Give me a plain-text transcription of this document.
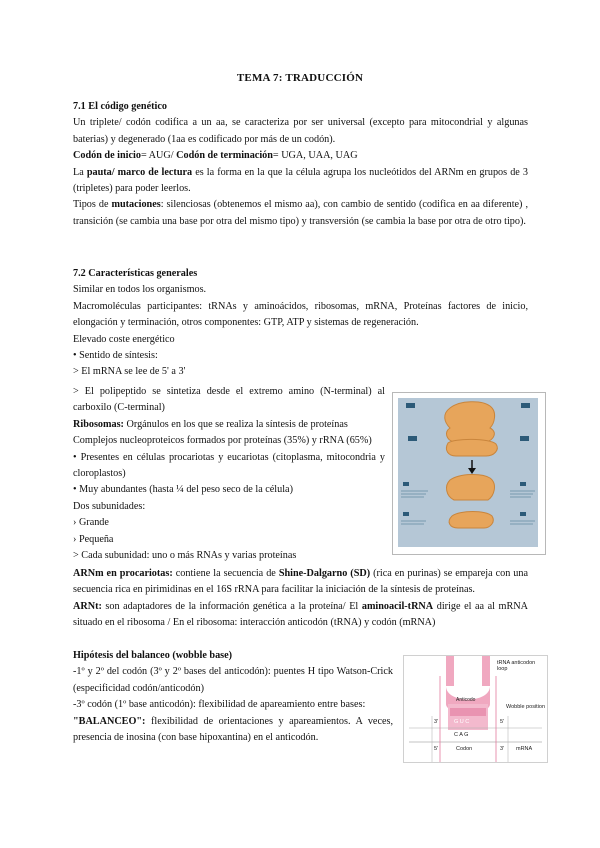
TEMA 7: TRADUCCIÓN

7.1 El código genético

Un triplete/ codón codifica a un aa, se caracteriza por ser universal (excepto para mitocondrial y algunas baterias) y degenerado (1aa es codificado por más de un codón).

Codón de inicio= AUG/ Codón de terminación= UGA, UAA, UAG

La pauta/ marco de lectura es la forma en la que la célula agrupa los nucleótidos del ARNm en grupos de 3 (tripletes) para poder leerlos.

Tipos de mutaciones: silenciosas (obtenemos el mismo aa), con cambio de sentido (codifica en aa diferente) , transición (se cambia una base por otra del mismo tipo) y transversión (se cambia la base por otra de otro tipo).

7.2 Características generales

Similar en todos los organismos.

Macromoléculas participantes: tRNAs y aminoácidos, ribosomas, mRNA, Proteínas factores de inicio, elongación y terminación, otros componentes: GTP, ATP y sistemas de regeneración.

Elevado coste energético

• Sentido de síntesis:

> El mRNA se lee de 5' a 3'

> El polipeptido se sintetiza desde el extremo amino (N-terminal) al carboxilo (C-terminal)

Ribosomas: Orgánulos en los que se realiza la síntesis de proteínas

Complejos nucleoproteicos formados por proteínas (35%) y rRNA (65%)

• Presentes en células procariotas y eucariotas (citoplasma, mitocondria y cloroplastos)

• Muy abundantes (hasta ¼ del peso seco de la célula)

Dos subunidades:

› Grande

› Pequeña

> Cada subunidad: uno o más RNAs y varias proteínas

ARNm en procariotas: contiene la secuencia de Shine-Dalgarno (SD) (rica en purinas) se empareja con una secuencia rica en pirimidinas en el 16S rRNA para facilitar la iniciación de la síntesis de proteínas.

ARNt: son adaptadores de la información genética a la proteína/ El aminoacil-tRNA dirige el aa al mRNA situado en el ribosoma / En el ribosoma: interacción anticodón (tRNA) y codón (mRNA)

Hipótesis del balanceo (wobble base)

-1º y 2º del codón (3º y 2º bases del anticodón): puentes H tipo Watson-Crick (especificidad codón/anticodón)

-3º codón (1º base anticodón): flexibilidad de apareamiento entre bases:

"BALANCEO": flexibilidad de orientaciones y apareamientos. A veces, presencia de inosina (con base hipoxantina) en el anticodón.

tRNA anticodon loop
Anticodo
Wobble position
3'	5'
G U C
C A G
5'	Codon	3' mRNA
